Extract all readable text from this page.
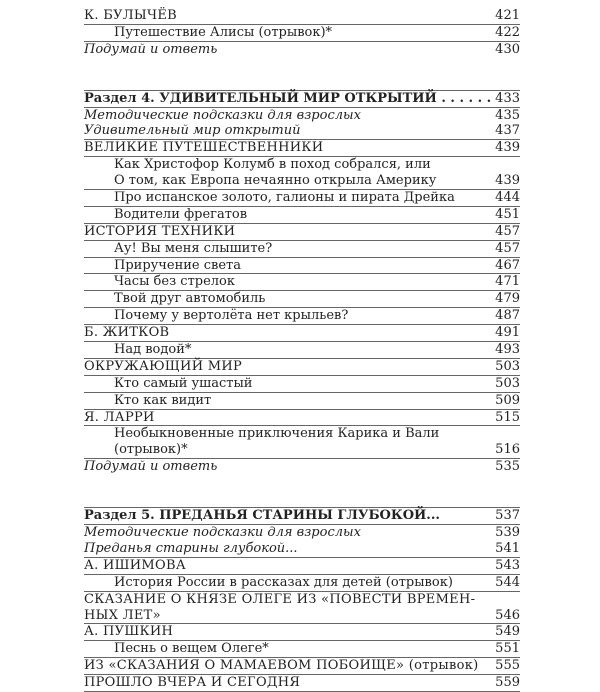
К. БУЛЫЧЁВ	421
Путешествие Алисы (отрывок)*	422
Подумай и ответь	430
Раздел 4. УДИВИТЕЛЬНЫЙ МИР ОТКРЫТИЙ . . . . . . 433
Методические подсказки для взрослых	435
Удивительный мир открытий	437
ВЕЛИКИЕ ПУТЕШЕСТВЕННИКИ	439
Как Христофор Колумб в поход собрался, или
О том, как Европа нечаянно открыла Америку	439
Про испанское золото, галионы и пирата Дрейка	444
Водители фрегатов	451
ИСТОРИЯ ТЕХНИКИ	457
Ау! Вы меня слышите?	457
Приручение света	467
Часы без стрелок	471
Твой друг автомобиль	479
Почему у вертолёта нет крыльев?	487
Б. ЖИТКОВ	491
Над водой*	493
ОКРУЖАЮЩИЙ МИР	503
Кто самый ушастый	503
Кто как видит	509
Я. ЛАРРИ	515
Необыкновенные приключения Карика и Вали
(отрывок)*	516
Подумай и ответь	535
Раздел 5. ПРЕДАНЬЯ СТАРИНЫ ГЛУБОКОЙ...	537
Методические подсказки для взрослых	539
Преданья старины глубокой...	541
А. ИШИМОВА	543
История России в рассказах для детей (отрывок)	544
СКАЗАНИЕ О КНЯЗЕ ОЛЕГЕ ИЗ «ПОВЕСТИ ВРЕМЕН-
НЫХ ЛЕТ»	546
А. ПУШКИН	549
Песнь о вещем Олеге*	551
ИЗ «СКАЗАНИЯ О МАМАЕВОМ ПОБОИЩЕ» (отрывок) 555
ПРОШЛО ВЧЕРА И СЕГОДНЯ	559
